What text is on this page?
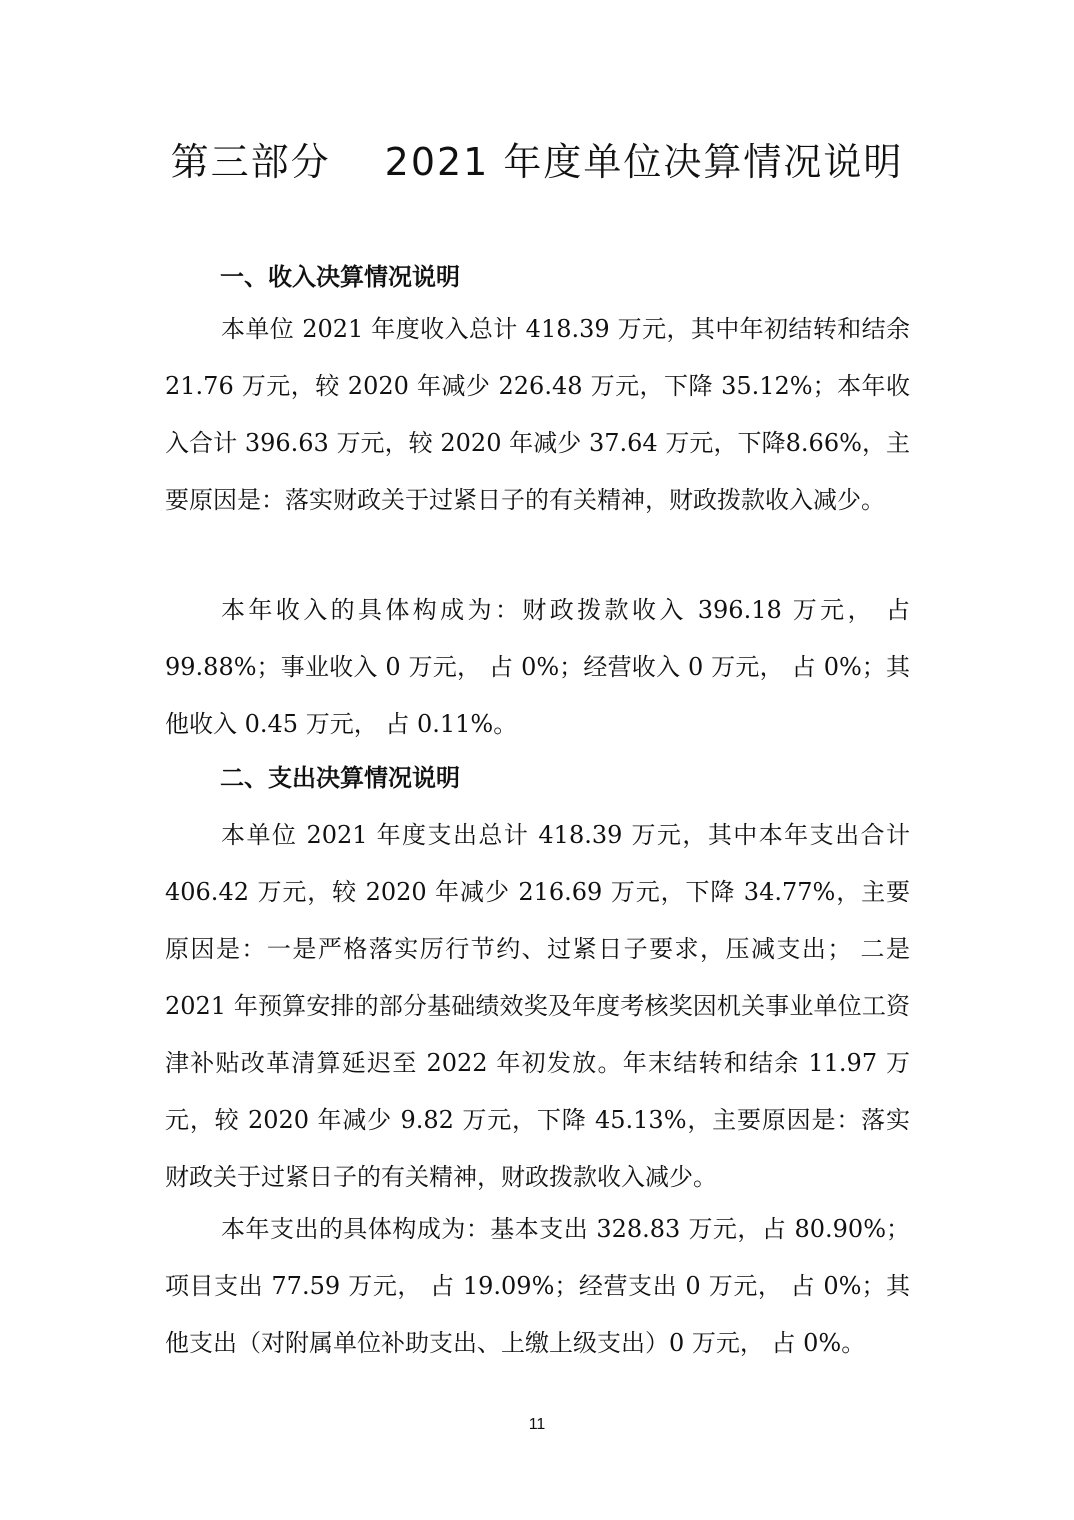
第三部分　 2021 年度单位决算情况说明
一、收入决算情况说明

本单位 2021 年度收入总计 418.39 万元，其中年初结转和结余 21.76 万元，较 2020 年减少 226.48 万元，下降 35.12%；本年收入合计 396.63 万元，较 2020 年减少 37.64 万元，下降8.66%，主要原因是：落实财政关于过紧日子的有关精神，财政拨款收入减少。

本年收入的具体构成为：财政拨款收入 396.18 万元， 占 99.88%；事业收入 0 万元， 占 0%；经营收入 0 万元， 占 0%；其他收入 0.45 万元， 占 0.11%。

二、支出决算情况说明

本单位 2021 年度支出总计 418.39 万元，其中本年支出合计 406.42 万元，较 2020 年减少 216.69 万元，下降 34.77%，主要原因是：一是严格落实厉行节约、过紧日子要求，压减支出； 二是 2021 年预算安排的部分基础绩效奖及年度考核奖因机关事业单位工资津补贴改革清算延迟至 2022 年初发放。年末结转和结余 11.97 万元，较 2020 年减少 9.82 万元，下降 45.13%，主要原因是：落实财政关于过紧日子的有关精神，财政拨款收入减少。

本年支出的具体构成为：基本支出 328.83 万元，占 80.90%；项目支出 77.59 万元， 占 19.09%；经营支出 0 万元， 占 0%；其他支出（对附属单位补助支出、上缴上级支出）0 万元， 占 0%。

11
